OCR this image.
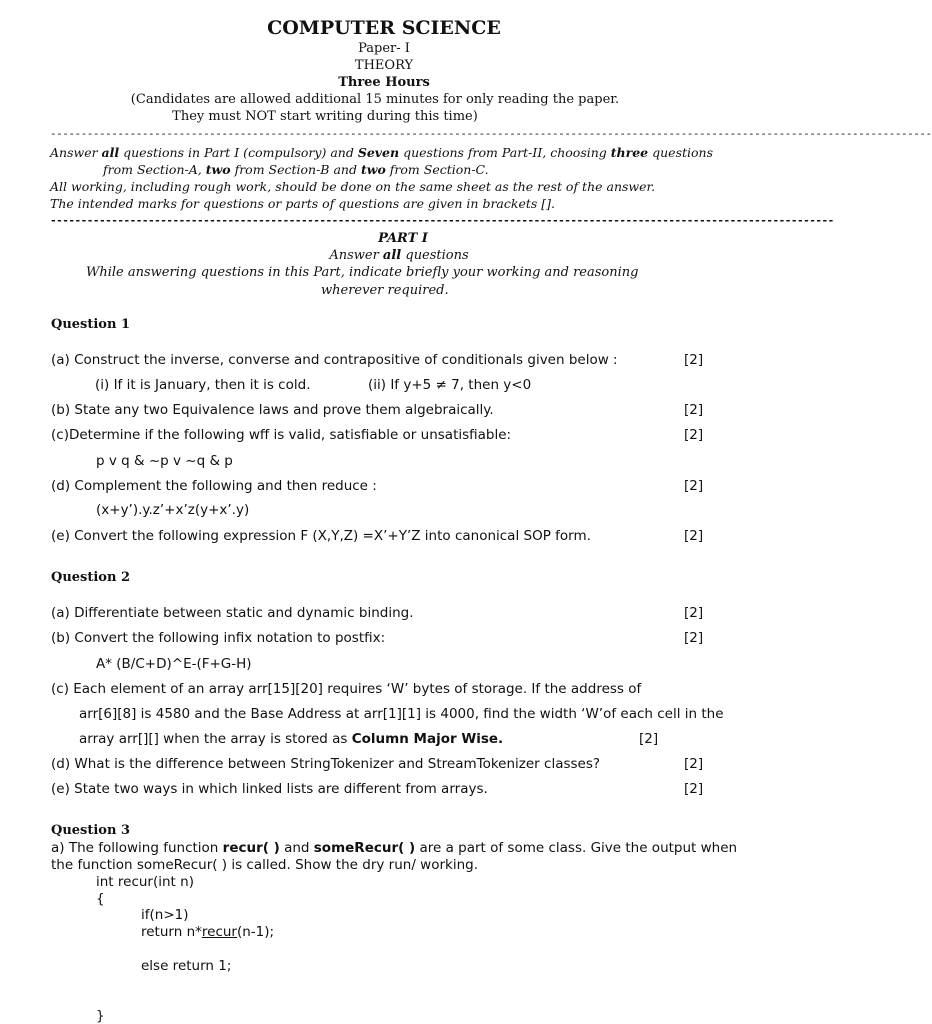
COMPUTER SCIENCE
Paper- I
THEORY
Three Hours
(Candidates are allowed additional 15 minutes for only reading the paper.
They must NOT start writing during this time)
------------------------------------------------------------------------------------------------------------------------------------------------
Answer all questions in Part I (compulsory) and Seven questions from Part-II, choosing three questions
from Section-A, two from Section-B and two from Section-C.
All working, including rough work, should be done on the same sheet as the rest of the answer.
The intended marks for questions or parts of questions are given in brackets [].
--------------------------------------------------------------------------------------------------------------------------------
PART I
Answer all questions
While answering questions in this Part, indicate briefly your working and reasoning
wherever required.
Question 1
(a) Construct the inverse, converse and contrapositive of conditionals given below :	[2]
(i) If it is January, then it is cold.	(ii) If y+5 ≠ 7, then y<0
(b) State any two Equivalence laws and prove them algebraically.	[2]
(c)Determine if the following wff is valid, satisfiable or unsatisfiable:	[2]
p v q & ~p v ~q & p
(d) Complement the following and then reduce :	[2]
(x+y’).y.z’+x’z(y+x’.y)
(e) Convert the following expression F (X,Y,Z) =X’+Y’Z into canonical SOP form.	[2]
Question 2
(a) Differentiate between static and dynamic binding.	[2]
(b) Convert the following infix notation to postfix:	[2]
A* (B/C+D)^E-(F+G-H)
(c) Each element of an array arr[15][20] requires ‘W’ bytes of storage. If the address of
arr[6][8] is 4580 and the Base Address at arr[1][1] is 4000, find the width ‘W’of each cell in the
array arr[][] when the array is stored as Column Major Wise.	[2]
(d) What is the difference between StringTokenizer and StreamTokenizer classes?	[2]
(e) State two ways in which linked lists are different from arrays.	[2]
Question 3
a) The following function recur( ) and someRecur( ) are a part of some class. Give the output when
the function someRecur( ) is called. Show the dry run/ working.
int recur(int n)
{
if(n>1)
return n*recur(n-1);
else return 1;
}
